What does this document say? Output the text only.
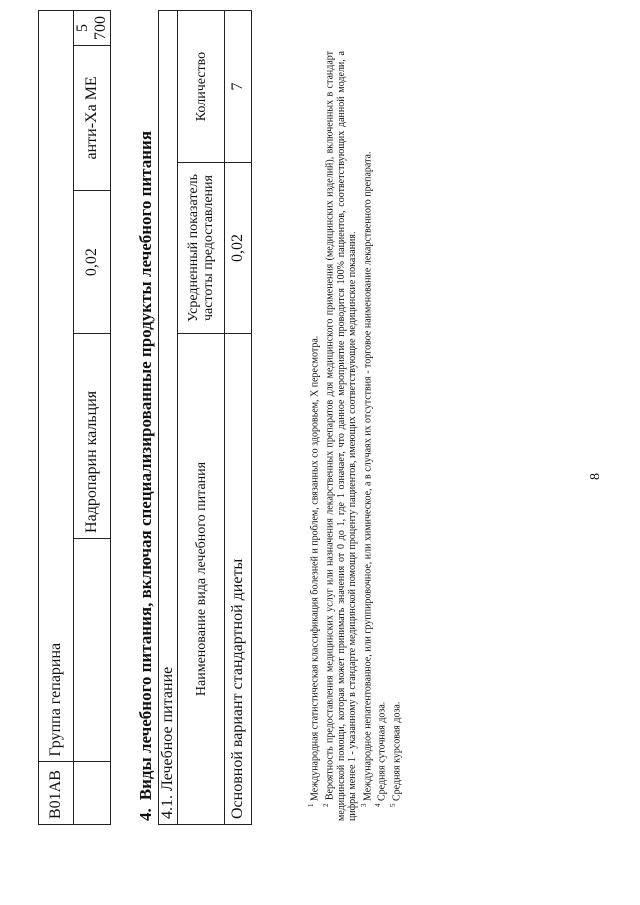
8
B01AB	Группа гепарина				
		Надропарин кальция	0,02	анти-Xa МЕ	5 700
4.Виды лечебного питания, включая специализированные продукты лечебного питания 4.1. Лечебное питание		
Наименование вида лечебного питания	Усредненный показатель частоты предоставления	Количество
Основной вариант стандартной диеты	0,02	7

$^1$ Международная статистическая классификация болезней и проблем, связанных со здоровьем, X пересмотра.

$^2$ Вероятность предоставления медицинских услуг или назначения лекарственных препаратов для медицинского применения (медицинских изделий), включенных в стандарт медицинской помощи, которая может принимать значения от 0 до 1, где 1 означает, что данное мероприятие проводится 100% пациентов, соответствующих данной модели, а цифры менее 1 - указанному в стандарте медицинской помощи проценту пациентов, имеющих соответствующие медицинские показания. $^3$ Международное непатентованное, или группировочное, или химическое, а в случаях их отсутствия - торговое наименование лекарственного препарата.

$^4$ Средняя суточная доза.

$^5$ Средняя курсовая доза.
